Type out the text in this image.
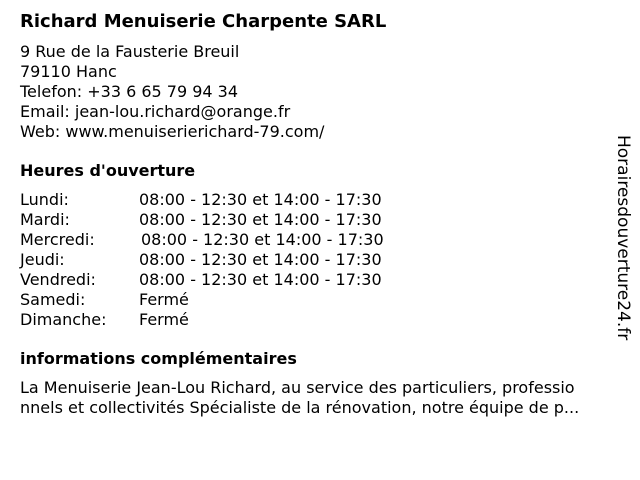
Richard Menuiserie Charpente SARL
9 Rue de la Fausterie Breuil
79110 Hanc
Telefon: +33 6 65 79 94 34
Email: jean-lou.richard@orange.fr
Web: www.menuiserierichard-79.com/
Heures d'ouverture
Lundi:	08:00 - 12:30 et 14:00 - 17:30
Mardi:	08:00 - 12:30 et 14:00 - 17:30
Mercredi:	08:00 - 12:30 et 14:00 - 17:30
Jeudi:	08:00 - 12:30 et 14:00 - 17:30
Vendredi:	08:00 - 12:30 et 14:00 - 17:30
Samedi:	Fermé
Dimanche: Fermé
informations complémentaires
La Menuiserie Jean-Lou Richard, au service des particuliers, professio
nnels et collectivités Spécialiste de la rénovation, notre équipe de p...
Horairesdouverture24.fr
